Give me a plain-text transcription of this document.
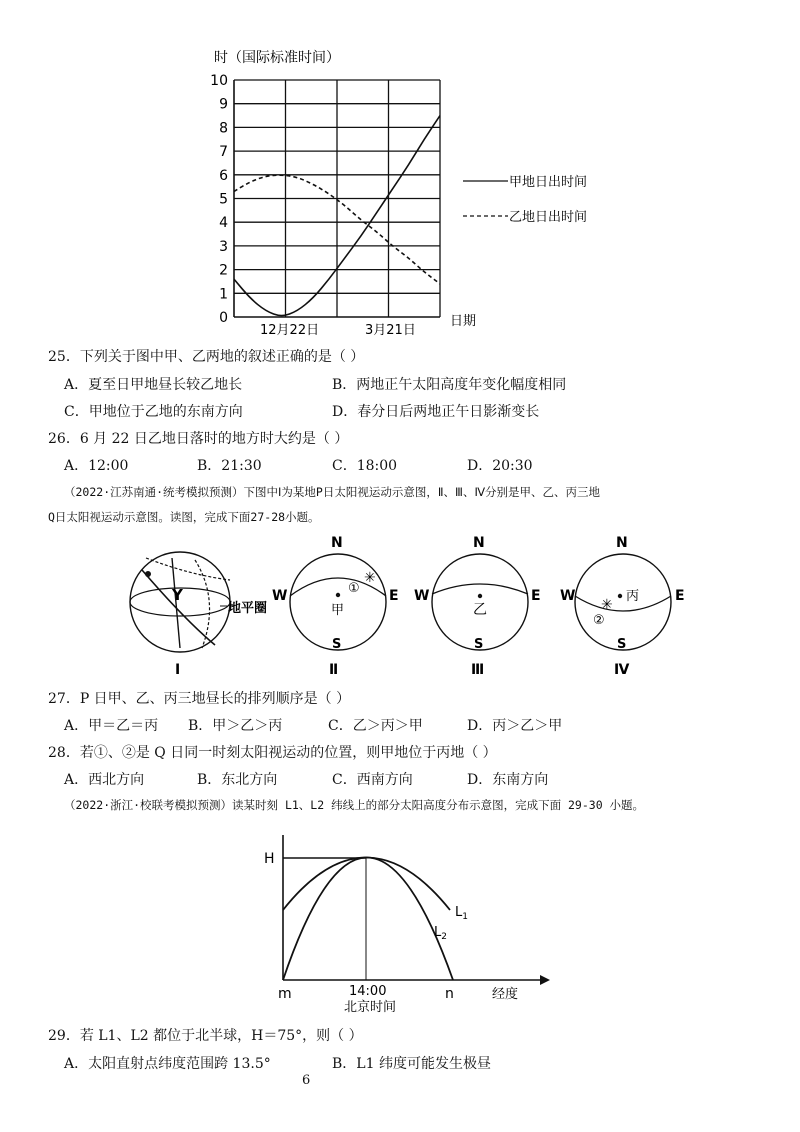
时（国际标准时间）
0
1
2
3
4
5
6
7
8
9
10
12月22日	3月21日
日期
甲地日出时间
乙地日出时间
25．下列关于图中甲、乙两地的叙述正确的是（ ）
A．夏至日甲地昼长较乙地长	B．两地正午太阳高度年变化幅度相同
C．甲地位于乙地的东南方向	D．春分日后两地正午日影渐变长
26．6 月 22 日乙地日落时的地方时大约是（ ）
A．12:00	B．21:30	C．18:00	D．20:30
（2022·江苏南通·统考模拟预测）下图中Ⅰ为某地P日太阳视运动示意图，Ⅱ、Ⅲ、Ⅳ分别是甲、乙、丙三地
Q日太阳视运动示意图。读图，完成下面27-28小题。
Y
地平圈
Ⅰ
N
W	E
S
甲
①
✳
Ⅱ
N
W	E
S
乙
Ⅲ
N
W	E
S
丙
✳
②
Ⅳ
27．P 日甲、乙、丙三地昼长的排列顺序是（ ）
A．甲＝乙＝丙 B．甲＞乙＞丙	C．乙＞丙＞甲	D．丙＞乙＞甲
28．若①、②是 Q 日同一时刻太阳视运动的位置，则甲地位于丙地（ ）
A．西北方向	B．东北方向	C．西南方向	D．东南方向
（2022·浙江·校联考模拟预测）读某时刻 L1、L2 纬线上的部分太阳高度分布示意图，完成下面 29-30 小题。
H
$L_1$
$L_2$
m	14:00
北京时间
n	经度
29．若 L1、L2 都位于北半球，H＝75°，则（ ）
A．太阳直射点纬度范围跨 13.5°	B．L1 纬度可能发生极昼
6
